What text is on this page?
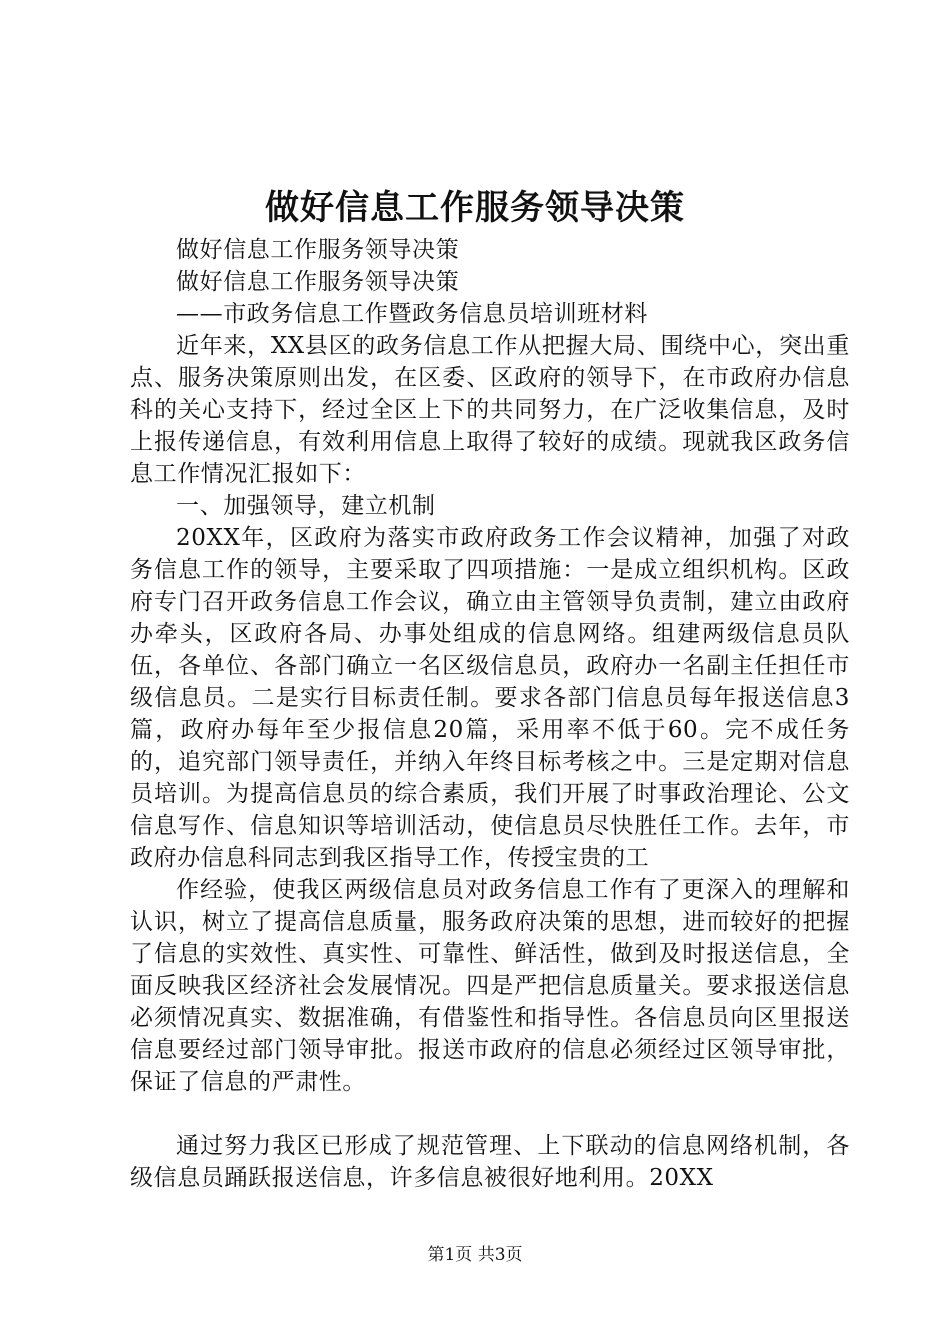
做好信息工作服务领导决策

做好信息工作服务领导决策

做好信息工作服务领导决策

——市政务信息工作暨政务信息员培训班材料

近年来，XX县区的政务信息工作从把握大局、围绕中心，突出重点、服务决策原则出发，在区委、区政府的领导下，在市政府办信息科的关心支持下，经过全区上下的共同努力，在广泛收集信息，及时上报传递信息，有效利用信息上取得了较好的成绩。现就我区政务信息工作情况汇报如下：

一、加强领导，建立机制

20XX年，区政府为落实市政府政务工作会议精神，加强了对政务信息工作的领导，主要采取了四项措施：一是成立组织机构。区政府专门召开政务信息工作会议，确立由主管领导负责制，建立由政府办牵头，区政府各局、办事处组成的信息网络。组建两级信息员队伍，各单位、各部门确立一名区级信息员，政府办一名副主任担任市级信息员。二是实行目标责任制。要求各部门信息员每年报送信息3篇，政府办每年至少报信息20篇，采用率不低于60。完不成任务的，追究部门领导责任，并纳入年终目标考核之中。三是定期对信息员培训。为提高信息员的综合素质，我们开展了时事政治理论、公文信息写作、信息知识等培训活动，使信息员尽快胜任工作。去年，市政府办信息科同志到我区指导工作，传授宝贵的工

作经验，使我区两级信息员对政务信息工作有了更深入的理解和认识，树立了提高信息质量，服务政府决策的思想，进而较好的把握了信息的实效性、真实性、可靠性、鲜活性，做到及时报送信息，全面反映我区经济社会发展情况。四是严把信息质量关。要求报送信息必须情况真实、数据准确，有借鉴性和指导性。各信息员向区里报送信息要经过部门领导审批。报送市政府的信息必须经过区领导审批，保证了信息的严肃性。

通过努力我区已形成了规范管理、上下联动的信息网络机制，各级信息员踊跃报送信息，许多信息被很好地利用。20XX

第1页 共3页
